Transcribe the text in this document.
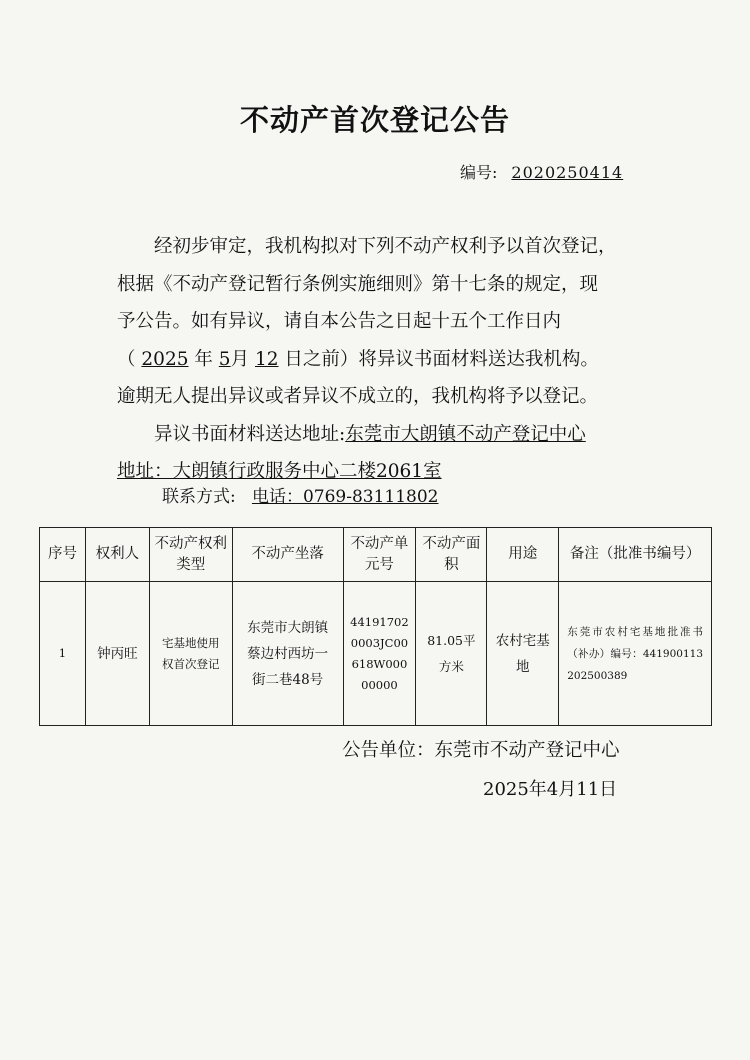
不动产首次登记公告
编号: 2020250414
经初步审定，我机构拟对下列不动产权利予以首次登记，
根据《不动产登记暂行条例实施细则》第十七条的规定，现
予公告。如有异议，请自本公告之日起十五个工作日内
（ 2025 年 5月 12 日之前）将异议书面材料送达我机构。
逾期无人提出异议或者异议不成立的，我机构将予以登记。
异议书面材料送达地址:东莞市大朗镇不动产登记中心
地址：大朗镇行政服务中心二楼2061室
联系方式: 电话：0769-83111802
序号	权利人	不动产权利类型	不动产坐落	不动产单元号	不动产面积	用途	备注（批准书编号）
1	钟丙旺	宅基地使用权首次登记	东莞市大朗镇蔡边村西坊一街二巷48号	441917020003JC00618W00000000	81.05平方米	农村宅基地	东莞市农村宅基地批准书（补办）编号：441900113202500389
公告单位：东莞市不动产登记中心
2025年4月11日
